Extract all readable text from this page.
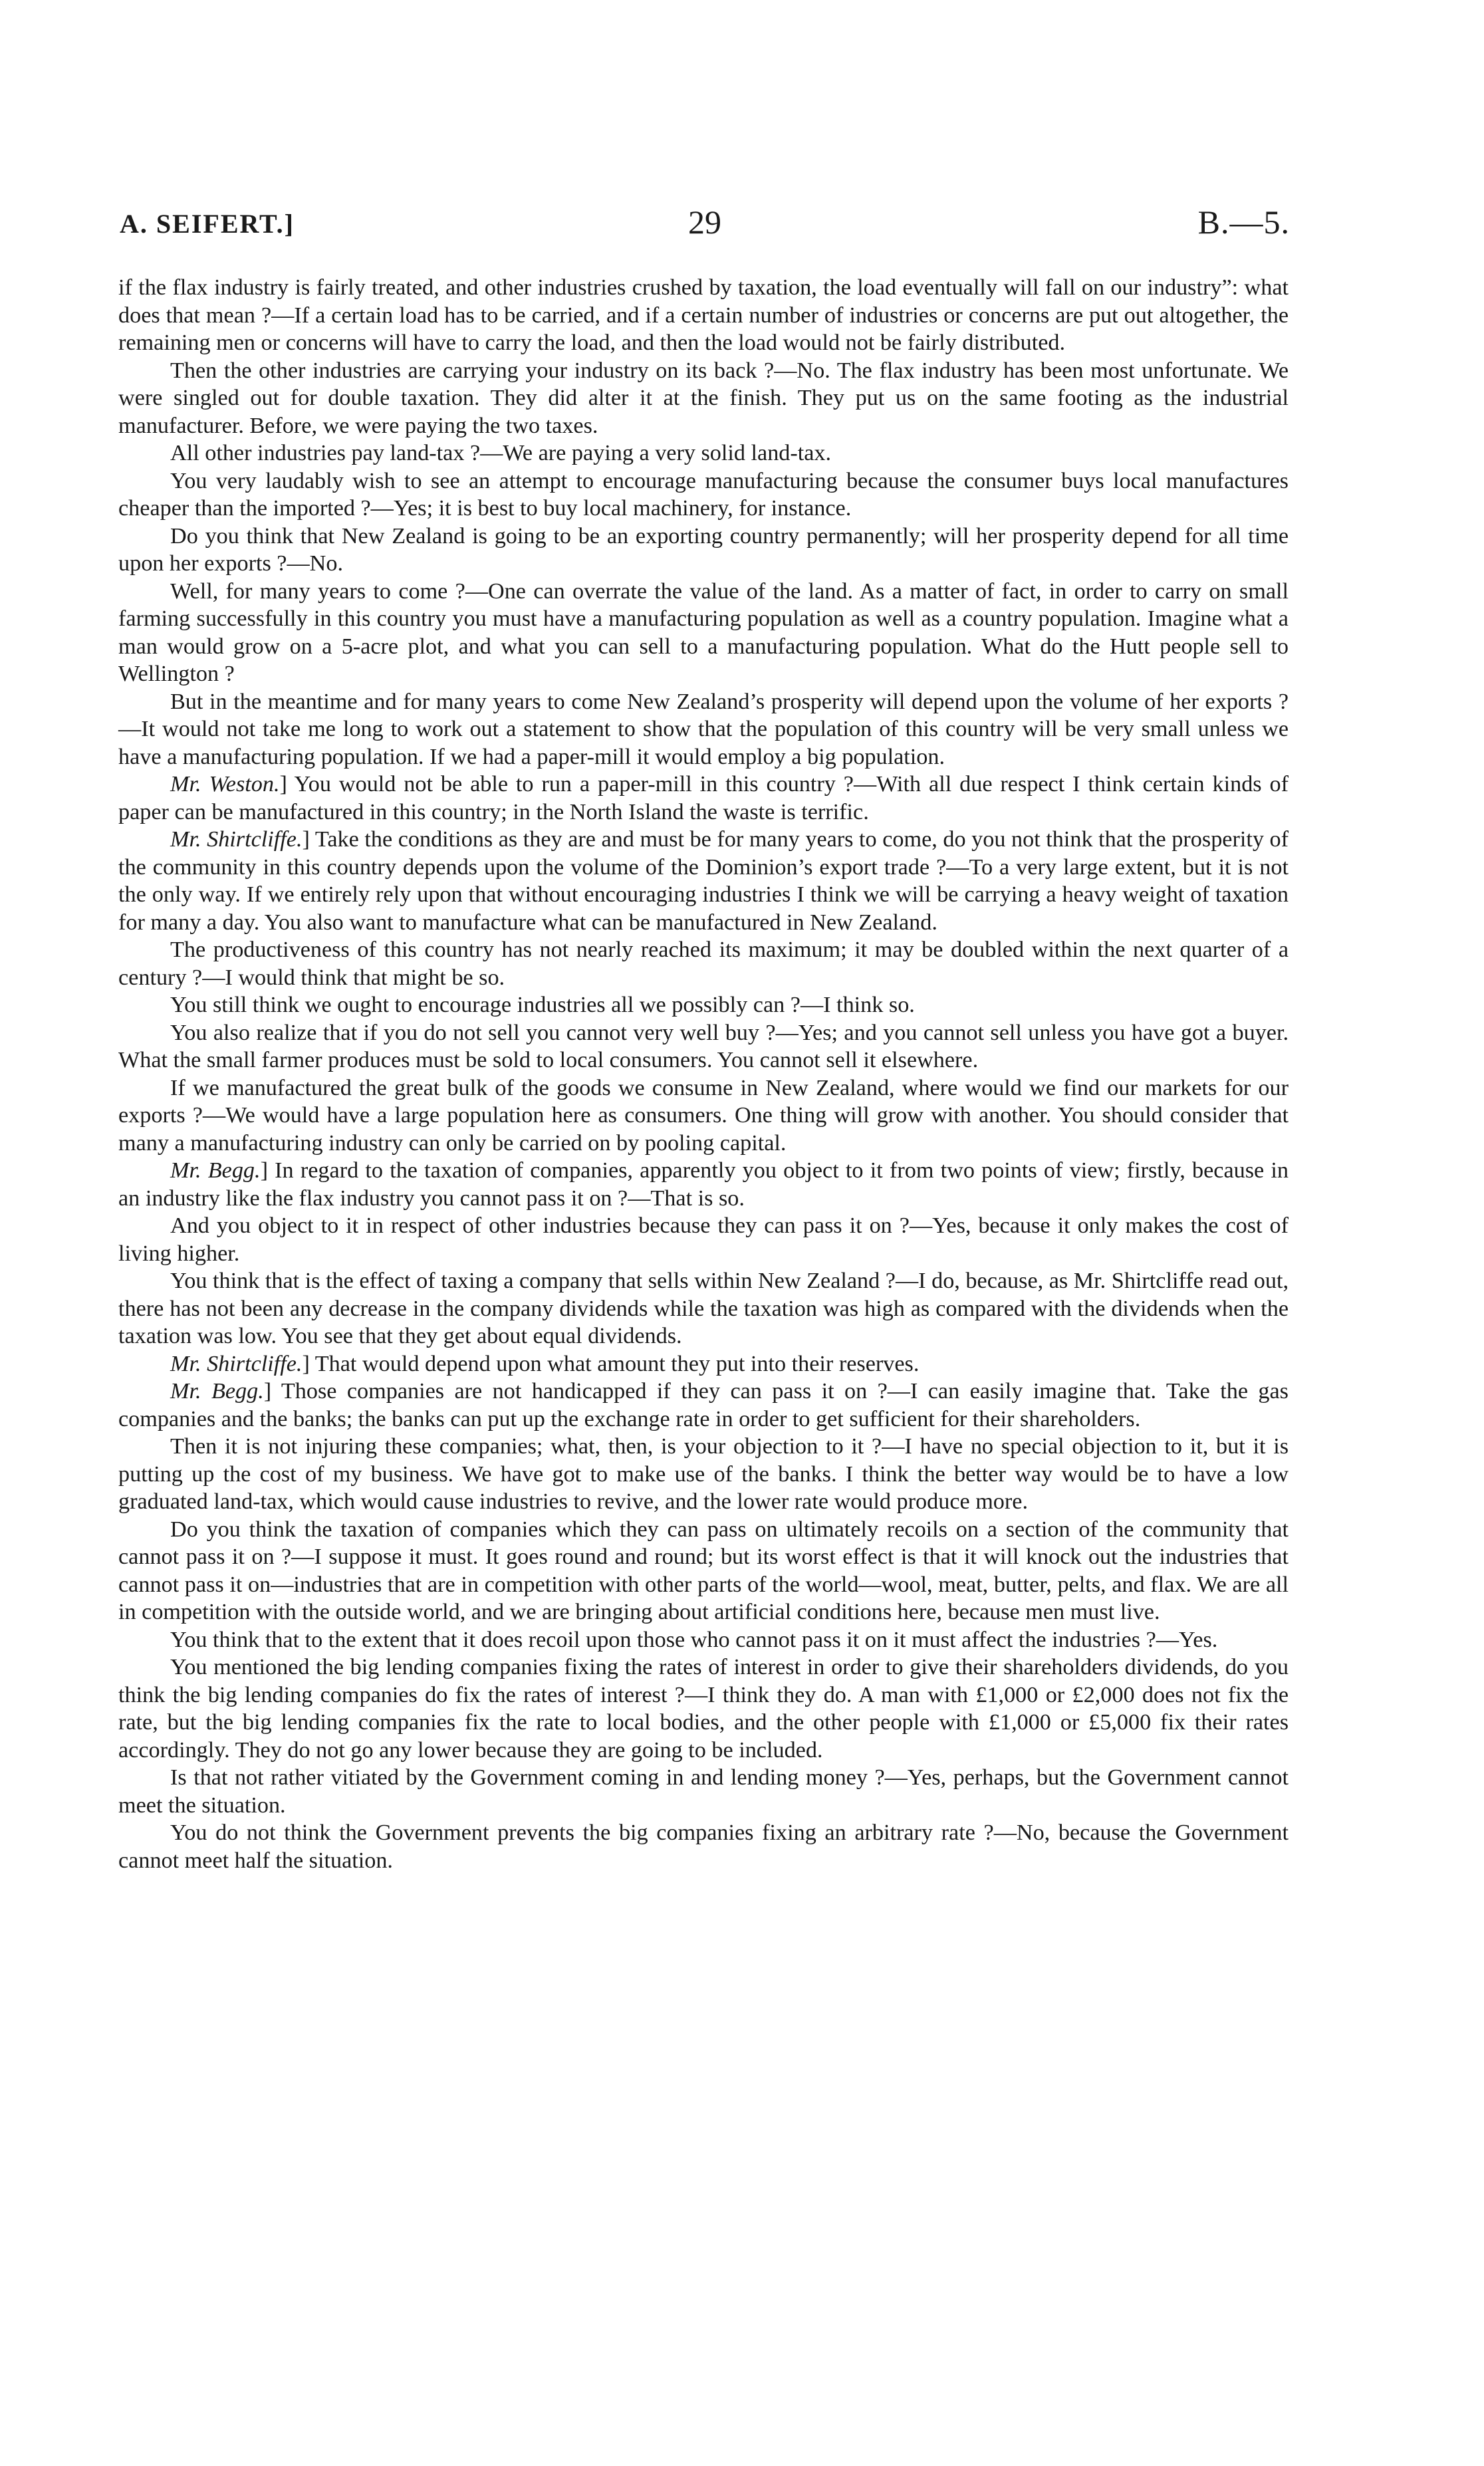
A. SEIFERT.]	29	B.—5.

if the flax industry is fairly treated, and other industries crushed by taxation, the load eventually will fall on our industry”: what does that mean ?—If a certain load has to be carried, and if a certain number of industries or concerns are put out altogether, the remaining men or concerns will have to carry the load, and then the load would not be fairly distributed.

Then the other industries are carrying your industry on its back ?—No. The flax industry has been most unfortunate. We were singled out for double taxation. They did alter it at the finish. They put us on the same footing as the industrial manufacturer. Before, we were paying the two taxes.

All other industries pay land-tax ?—We are paying a very solid land-tax.

You very laudably wish to see an attempt to encourage manufacturing because the consumer buys local manufactures cheaper than the imported ?—Yes; it is best to buy local machinery, for instance.

Do you think that New Zealand is going to be an exporting country permanently; will her prosperity depend for all time upon her exports ?—No.

Well, for many years to come ?—One can overrate the value of the land. As a matter of fact, in order to carry on small farming successfully in this country you must have a manufacturing population as well as a country population. Imagine what a man would grow on a 5-acre plot, and what you can sell to a manufacturing population. What do the Hutt people sell to Wellington ?

But in the meantime and for many years to come New Zealand’s prosperity will depend upon the volume of her exports ?—It would not take me long to work out a statement to show that the population of this country will be very small unless we have a manufacturing population. If we had a paper-mill it would employ a big population.

Mr. Weston.] You would not be able to run a paper-mill in this country ?—With all due respect I think certain kinds of paper can be manufactured in this country; in the North Island the waste is terrific.

Mr. Shirtcliffe.] Take the conditions as they are and must be for many years to come, do you not think that the prosperity of the community in this country depends upon the volume of the Dominion’s export trade ?—To a very large extent, but it is not the only way. If we entirely rely upon that without encouraging industries I think we will be carrying a heavy weight of taxation for many a day. You also want to manufacture what can be manufactured in New Zealand.

The productiveness of this country has not nearly reached its maximum; it may be doubled within the next quarter of a century ?—I would think that might be so.

You still think we ought to encourage industries all we possibly can ?—I think so.

You also realize that if you do not sell you cannot very well buy ?—Yes; and you cannot sell unless you have got a buyer. What the small farmer produces must be sold to local consumers. You cannot sell it elsewhere.

If we manufactured the great bulk of the goods we consume in New Zealand, where would we find our markets for our exports ?—We would have a large population here as consumers. One thing will grow with another. You should consider that many a manufacturing industry can only be carried on by pooling capital.

Mr. Begg.] In regard to the taxation of companies, apparently you object to it from two points of view; firstly, because in an industry like the flax industry you cannot pass it on ?—That is so.

And you object to it in respect of other industries because they can pass it on ?—Yes, because it only makes the cost of living higher.

You think that is the effect of taxing a company that sells within New Zealand ?—I do, because, as Mr. Shirtcliffe read out, there has not been any decrease in the company dividends while the taxation was high as compared with the dividends when the taxation was low. You see that they get about equal dividends.

Mr. Shirtcliffe.] That would depend upon what amount they put into their reserves.

Mr. Begg.] Those companies are not handicapped if they can pass it on ?—I can easily imagine that. Take the gas companies and the banks; the banks can put up the exchange rate in order to get sufficient for their shareholders.

Then it is not injuring these companies; what, then, is your objection to it ?—I have no special objection to it, but it is putting up the cost of my business. We have got to make use of the banks. I think the better way would be to have a low graduated land-tax, which would cause industries to revive, and the lower rate would produce more.

Do you think the taxation of companies which they can pass on ultimately recoils on a section of the community that cannot pass it on ?—I suppose it must. It goes round and round; but its worst effect is that it will knock out the industries that cannot pass it on—industries that are in competition with other parts of the world—wool, meat, butter, pelts, and flax. We are all in competition with the outside world, and we are bringing about artificial conditions here, because men must live.

You think that to the extent that it does recoil upon those who cannot pass it on it must affect the industries ?—Yes.

You mentioned the big lending companies fixing the rates of interest in order to give their shareholders dividends, do you think the big lending companies do fix the rates of interest ?—I think they do. A man with £1,000 or £2,000 does not fix the rate, but the big lending companies fix the rate to local bodies, and the other people with £1,000 or £5,000 fix their rates accordingly. They do not go any lower because they are going to be included.

Is that not rather vitiated by the Government coming in and lending money ?—Yes, perhaps, but the Government cannot meet the situation.

You do not think the Government prevents the big companies fixing an arbitrary rate ?—No, because the Government cannot meet half the situation.
